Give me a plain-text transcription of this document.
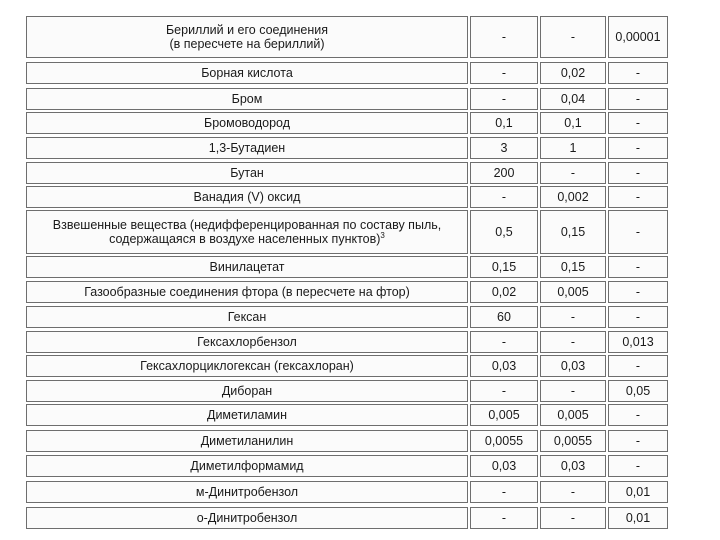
Бериллий и его соединения
(в пересчете на бериллий)	-	-	0,00001
Борная кислота	-	0,02	-
Бром	-	0,04	-
Бромоводород	0,1	0,1	-
1,3-Бутадиен	3	1	-
Бутан	200	-	-
Ванадия (V) оксид	-	0,002	-
Взвешенные вещества (недифференцированная по составу пыль,
содержащаяся в воздухе населенных пунктов)$^3$	0,5	0,15	-
Винилацетат	0,15	0,15	-
Газообразные соединения фтора (в пересчете на фтор)	0,02	0,005	-
Гексан	60	-	-
Гексахлорбензол	-	-	0,013
Гексахлорциклогексан (гексахлоран)	0,03	0,03	-
Диборан	-	-	0,05
Диметиламин	0,005	0,005	-
Диметиланилин	0,0055	0,0055	-
Диметилформамид	0,03	0,03	-
м-Динитробензол	-	-	0,01
о-Динитробензол	-	-	0,01
